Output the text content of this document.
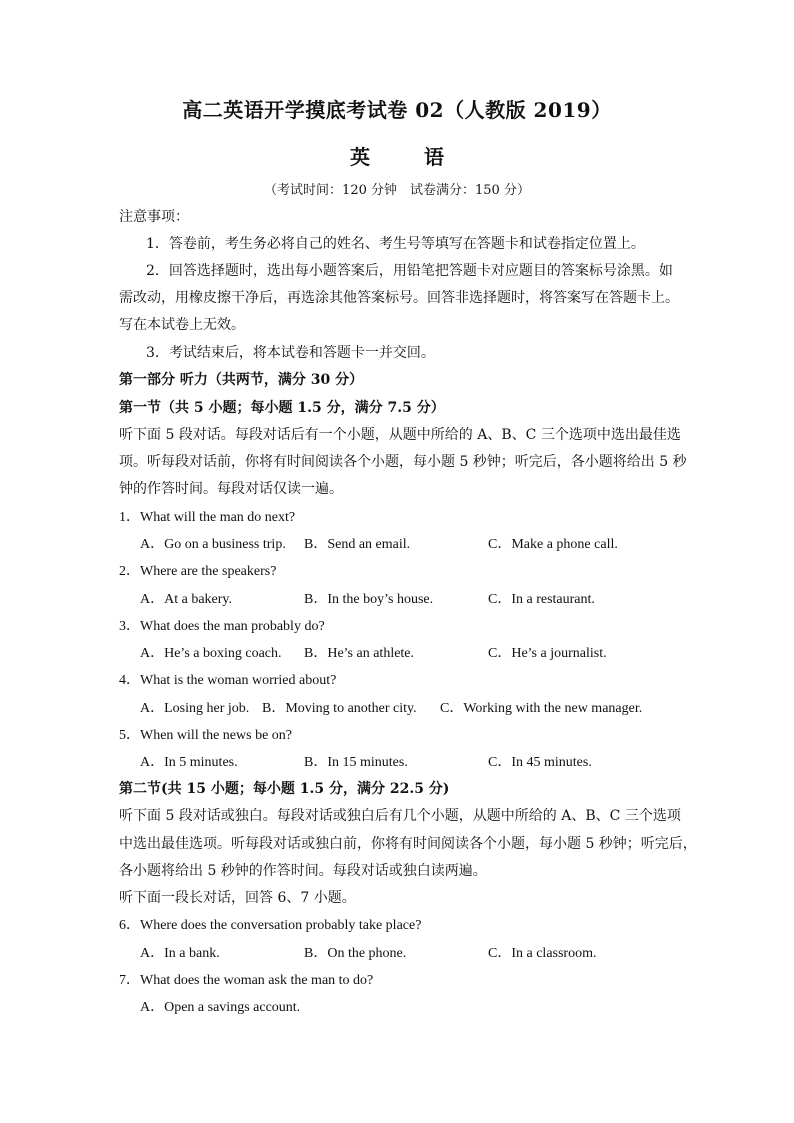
高二英语开学摸底考试卷 02（人教版 2019）
英	语
（考试时间：120 分钟　试卷满分：150 分）
注意事项：
1．答卷前，考生务必将自己的姓名、考生号等填写在答题卡和试卷指定位置上。
2．回答选择题时，选出每小题答案后，用铅笔把答题卡对应题目的答案标号涂黑。如
需改动，用橡皮擦干净后，再选涂其他答案标号。回答非选择题时，将答案写在答题卡上。
写在本试卷上无效。
3．考试结束后，将本试卷和答题卡一并交回。
第一部分 听力（共两节，满分 30 分）
第一节（共 5 小题；每小题 1.5 分，满分 7.5 分）
听下面 5 段对话。每段对话后有一个小题，从题中所给的 A、B、C 三个选项中选出最佳选
项。听每段对话前，你将有时间阅读各个小题，每小题 5 秒钟；听完后，各小题将给出 5 秒
钟的作答时间。每段对话仅读一遍。
1．What will the man do next?
A．Go on a business trip. B．Send an email.	C．Make a phone call.
2．Where are the speakers?
A．At a bakery.	B．In the boy’s house.	C．In a restaurant.
3．What does the man probably do?
A．He’s a boxing coach. B．He’s an athlete.	C．He’s a journalist.
4．What is the woman worried about?
A．Losing her job. B．Moving to another city. C．Working with the new manager.
5．When will the news be on?
A．In 5 minutes.	B．In 15 minutes.	C．In 45 minutes.
第二节(共 15 小题；每小题 1.5 分，满分 22.5 分)
听下面 5 段对话或独白。每段对话或独白后有几个小题，从题中所给的 A、B、C 三个选项
中选出最佳选项。听每段对话或独白前，你将有时间阅读各个小题，每小题 5 秒钟；听完后，
各小题将给出 5 秒钟的作答时间。每段对话或独白读两遍。
听下面一段长对话，回答 6、7 小题。
6．Where does the conversation probably take place?
A．In a bank.	B．On the phone.	C．In a classroom.
7．What does the woman ask the man to do?
A．Open a savings account.
